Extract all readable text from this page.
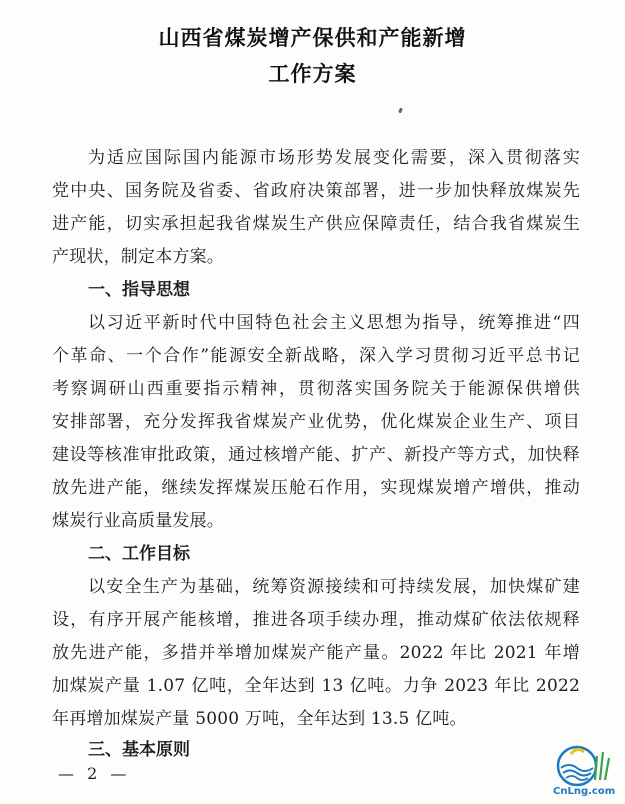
山西省煤炭增产保供和产能新增
工作方案
为适应国际国内能源市场形势发展变化需要，深入贯彻落实
党中央、国务院及省委、省政府决策部署，进一步加快释放煤炭先
进产能，切实承担起我省煤炭生产供应保障责任，结合我省煤炭生
产现状，制定本方案。
一、指导思想
以习近平新时代中国特色社会主义思想为指导，统筹推进“四
个革命、一个合作”能源安全新战略，深入学习贯彻习近平总书记
考察调研山西重要指示精神，贯彻落实国务院关于能源保供增供
安排部署，充分发挥我省煤炭产业优势，优化煤炭企业生产、项目
建设等核准审批政策，通过核增产能、扩产、新投产等方式，加快释
放先进产能，继续发挥煤炭压舱石作用，实现煤炭增产增供，推动
煤炭行业高质量发展。
二、工作目标
以安全生产为基础，统筹资源接续和可持续发展，加快煤矿建
设，有序开展产能核增，推进各项手续办理，推动煤矿依法依规释
放先进产能，多措并举增加煤炭产能产量。2022 年比 2021 年增
加煤炭产量 1.07 亿吨，全年达到 13 亿吨。力争 2023 年比 2022
年再增加煤炭产量 5000 万吨，全年达到 13.5 亿吨。
三、基本原则
— 2 —
CnLng.com
